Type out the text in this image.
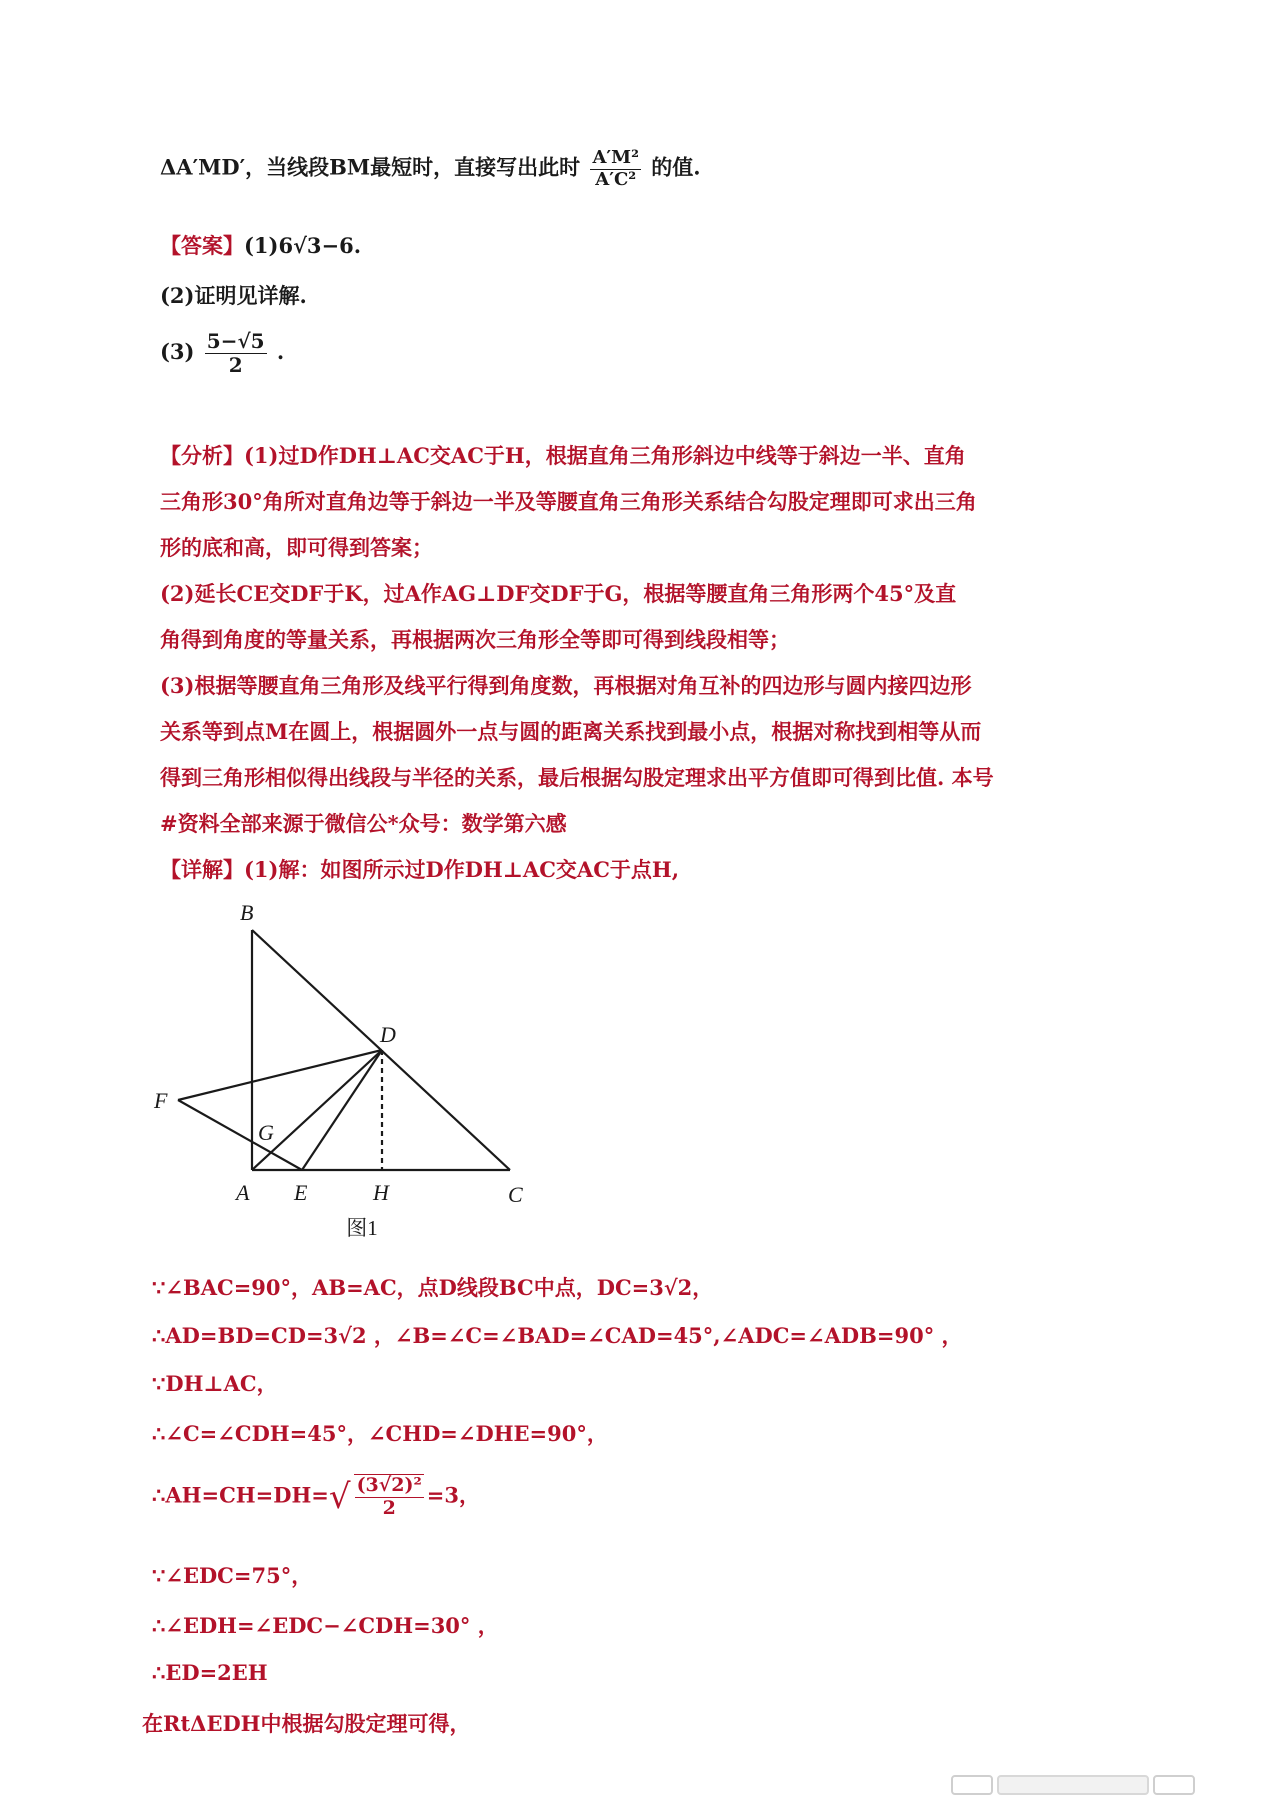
ΔA′MD′，当线段BM最短时，直接写出此时 $\frac{\text{A′M²}}{\text{A′C²}}$ 的值.
【答案】(1)6√3−6.
(2)证明见详解.
$(3) \frac{5-√5}{2}$ .
【分析】(1)过D作DH⊥AC交AC于H，根据直角三角形斜边中线等于斜边一半、直角
三角形30°角所对直角边等于斜边一半及等腰直角三角形关系结合勾股定理即可求出三角
形的底和高，即可得到答案；
(2)延长CE交DF于K，过A作AG⊥DF交DF于G，根据等腰直角三角形两个45°及直
角得到角度的等量关系，再根据两次三角形全等即可得到线段相等；
(3)根据等腰直角三角形及线平行得到角度数，再根据对角互补的四边形与圆内接四边形
关系等到点M在圆上，根据圆外一点与圆的距离关系找到最小点，根据对称找到相等从而
得到三角形相似得出线段与半径的关系，最后根据勾股定理求出平方值即可得到比值. 本号
#资料全部来源于微信公*众号：数学第六感
【详解】(1)解：如图所示过D作DH⊥AC交AC于点H,
B
D
F
G
A E	H	C
图1
∵∠BAC=90°，AB=AC，点D线段BC中点，DC=3√2，
∴AD=BD=CD=3√2 ，∠B=∠C=∠BAD=∠CAD=45°,∠ADC=∠ADB=90° ，
∵DH⊥AC，
∴∠C=∠CDH=45°，∠CHD=∠DHE=90°，
∴AH=CH=DH=√ $\frac{\text{(3√2)²}}{2} =3$，
∵∠EDC=75°，
∴∠EDH=∠EDC−∠CDH=30° ，
∴ED=2EH
在RtΔEDH中根据勾股定理可得，
